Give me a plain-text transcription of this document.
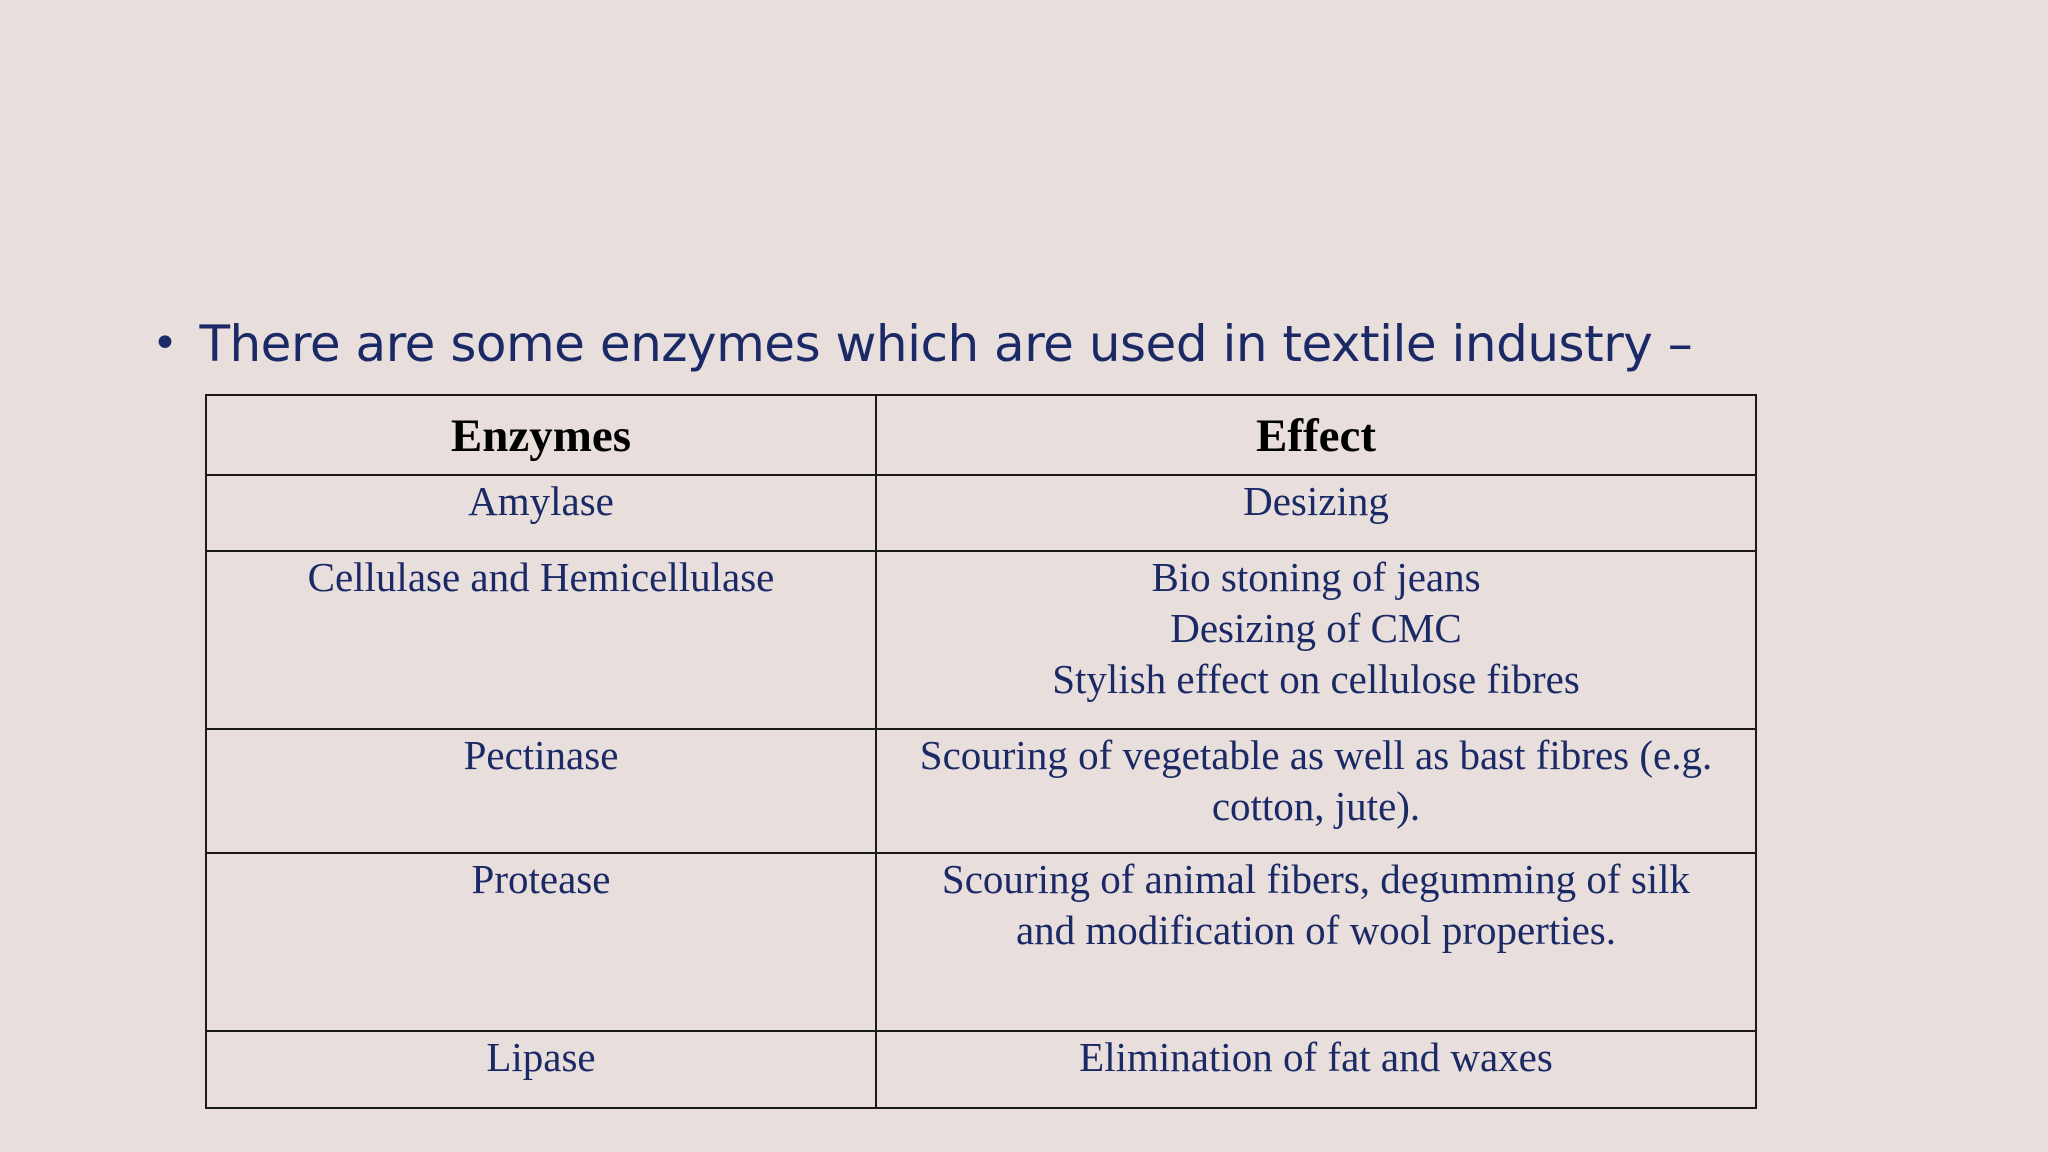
• There are some enzymes which are used in textile industry –
Enzymes	Effect
Amylase	Desizing

Cellulase and Hemicellulase	Bio stoning of jeans
Desizing of CMC
Stylish effect on cellulose fibres

Pectinase	Scouring of vegetable as well as bast fibres (e.g.
cotton, jute).

Protease	Scouring of animal fibers, degumming of silk
and modification of wool properties.

Lipase	Elimination of fat and waxes
